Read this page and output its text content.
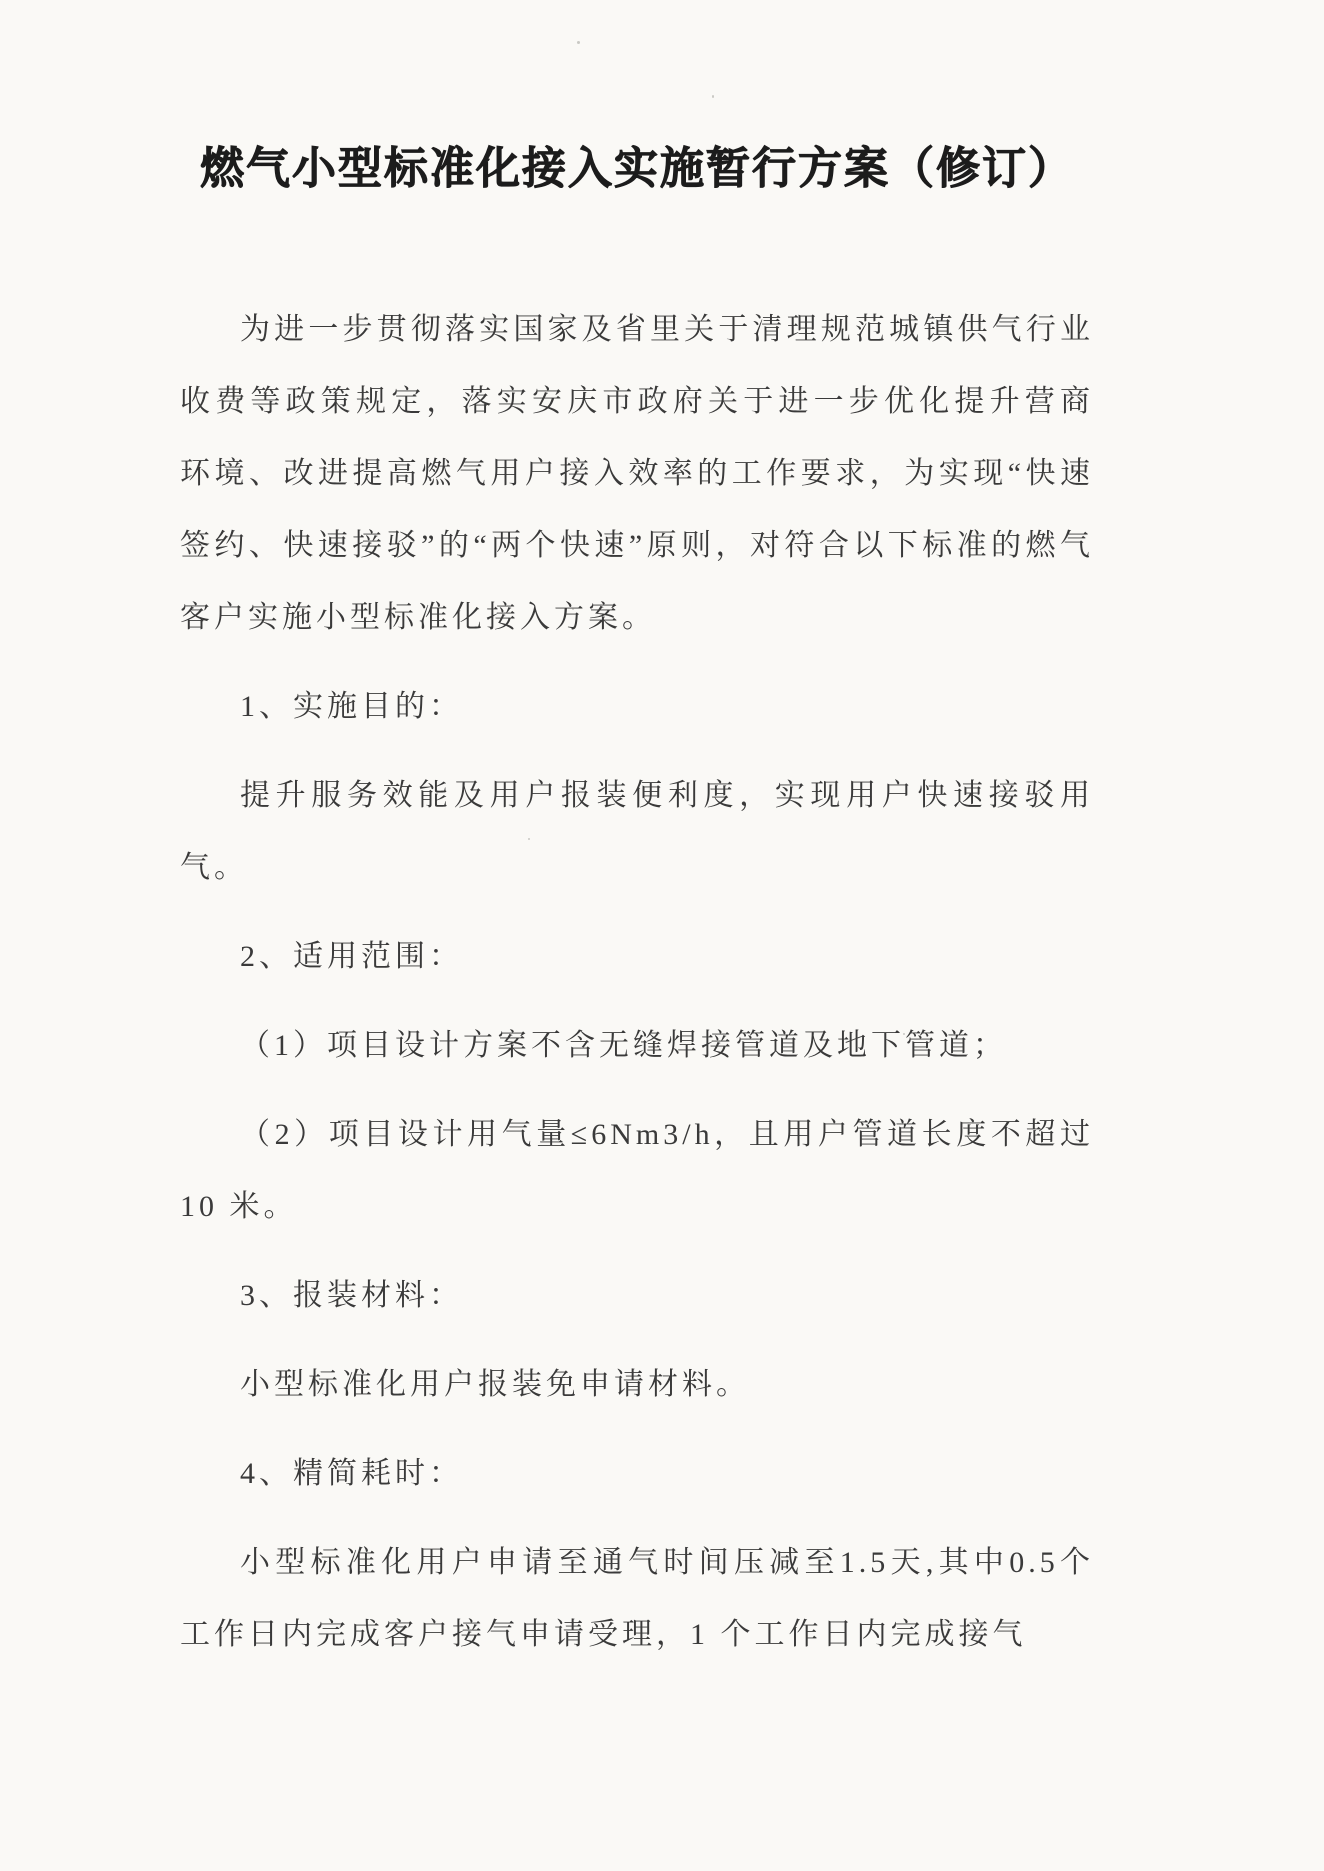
燃气小型标准化接入实施暂行方案（修订）

为进一步贯彻落实国家及省里关于清理规范城镇供气行业收费等政策规定，落实安庆市政府关于进一步优化提升营商环境、改进提高燃气用户接入效率的工作要求，为实现“快速签约、快速接驳”的“两个快速”原则，对符合以下标准的燃气客户实施小型标准化接入方案。

1、实施目的：

提升服务效能及用户报装便利度，实现用户快速接驳用气。

2、适用范围：

（1）项目设计方案不含无缝焊接管道及地下管道；

（2）项目设计用气量≤6Nm3/h，且用户管道长度不超过10 米。

3、报装材料：

小型标准化用户报装免申请材料。

4、精简耗时：

小型标准化用户申请至通气时间压减至1.5天,其中0.5个工作日内完成客户接气申请受理，1 个工作日内完成接气
